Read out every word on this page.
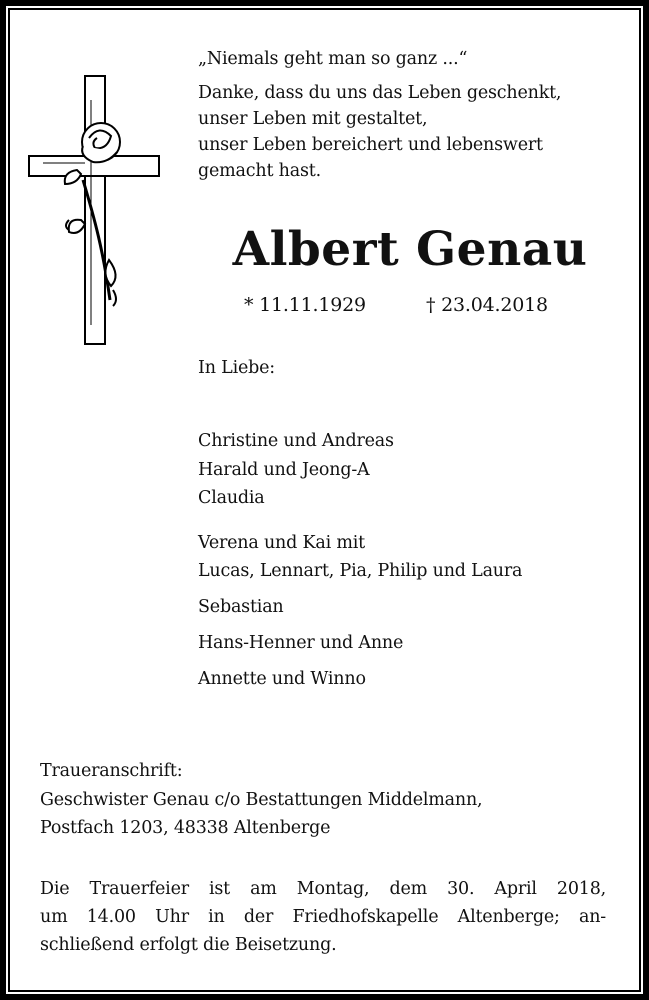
„Niemals geht man so ganz ...“
Danke, dass du uns das Leben geschenkt,
unser Leben mit gestaltet,
unser Leben bereichert und lebenswert
gemacht hast.
Albert Genau
* 11.11.1929	† 23.04.2018
In Liebe:
Christine und Andreas
Harald und Jeong-A
Claudia
Verena und Kai mit
Lucas, Lennart, Pia, Philip und Laura
Sebastian
Hans-Henner und Anne
Annette und Winno
Traueranschrift:
Geschwister Genau c/o Bestattungen Middelmann,
Postfach 1203, 48338 Altenberge
Die Trauerfeier ist am Montag, dem 30. April 2018,
um 14.00 Uhr in der Friedhofskapelle Altenberge; an-
schließend erfolgt die Beisetzung.
